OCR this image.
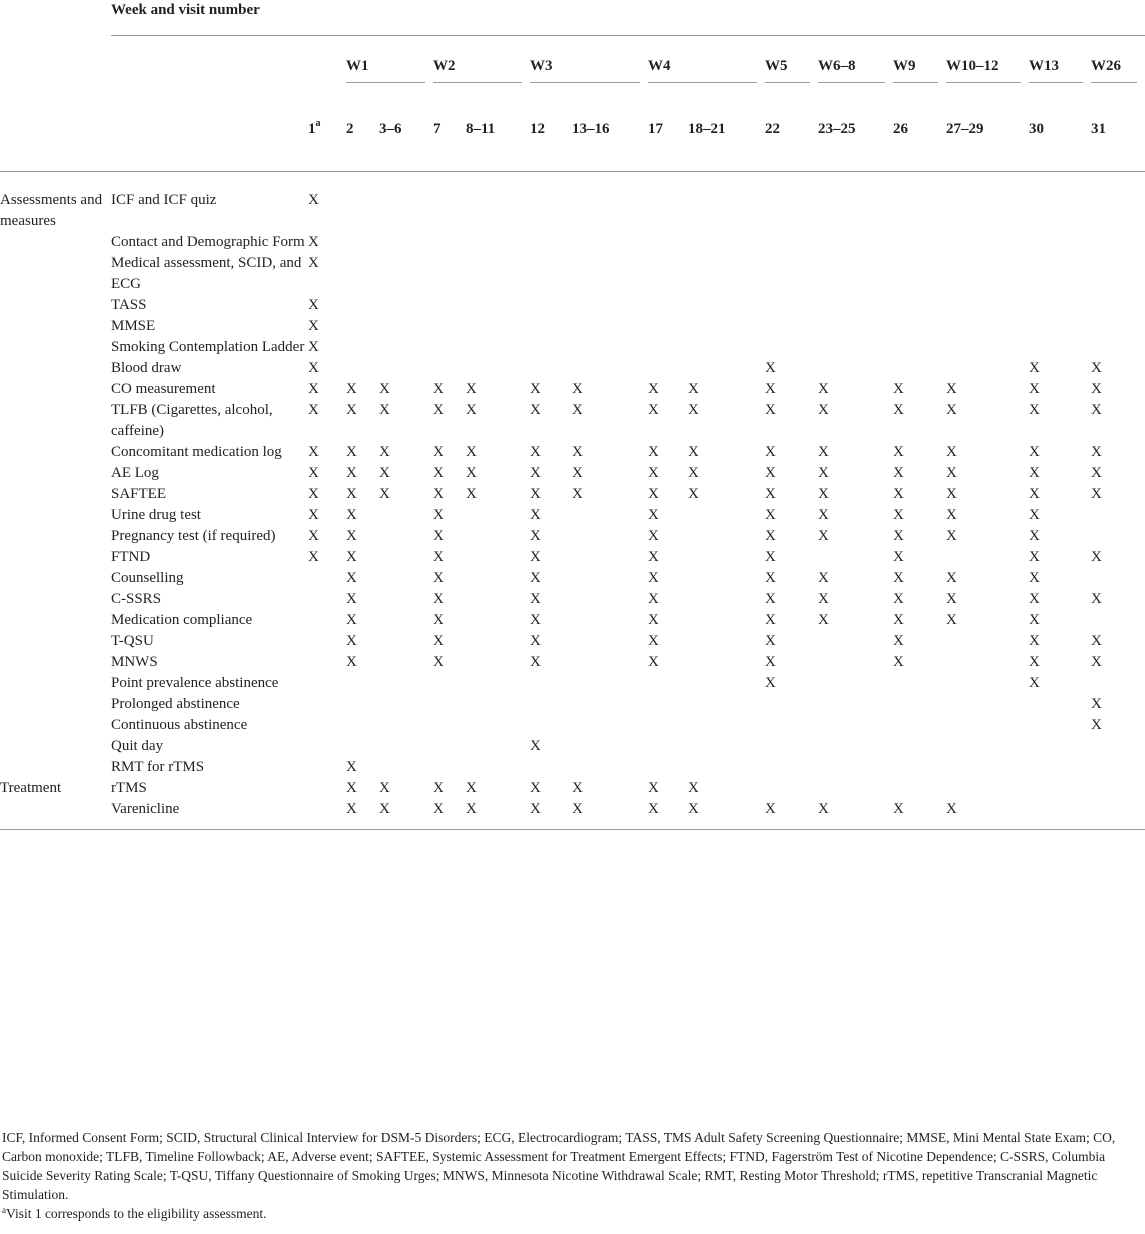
	Week and visit number															
			W1		W2		W3		W4		W5	W6–8	W9	W10–12	W13	W26
		1$^a$	2	3–6	7	8–11	12	13–16	17	18–21	22	23–25	26	27–29	30	31
Assessments and measures	ICF and ICF quiz	X														
	Contact and Demographic Form	X														
	Medical assessment, SCID, and ECG	X														
	TASS	X														
	MMSE	X														
	Smoking Contemplation Ladder	X														
	Blood draw	X									X				X	X
	CO measurement	X	X	X	X	X	X	X	X	X	X	X	X	X	X	X
	TLFB (Cigarettes, alcohol, caffeine)	X	X	X	X	X	X	X	X	X	X	X	X	X	X	X
	Concomitant medication log	X	X	X	X	X	X	X	X	X	X	X	X	X	X	X
	AE Log	X	X	X	X	X	X	X	X	X	X	X	X	X	X	X
	SAFTEE	X	X	X	X	X	X	X	X	X	X	X	X	X	X	X
	Urine drug test	X	X		X		X		X		X	X	X	X	X	
	Pregnancy test (if required)	X	X		X		X		X		X	X	X	X	X	
	FTND	X	X		X		X		X		X		X		X	X
	Counselling		X		X		X		X		X	X	X	X	X	
	C-SSRS		X		X		X		X		X	X	X	X	X	X
	Medication compliance		X		X		X		X		X	X	X	X	X	
	T-QSU		X		X		X		X		X		X		X	X
	MNWS		X		X		X		X		X		X		X	X
	Point prevalence abstinence										X				X	
	Prolonged abstinence															X
	Continuous abstinence															X
	Quit day						X									
	RMT for rTMS		X													
Treatment	rTMS		X	X	X	X	X	X	X	X						
	Varenicline		X	X	X	X	X	X	X	X	X	X	X	X		

ICF, Informed Consent Form; SCID, Structural Clinical Interview for DSM-5 Disorders; ECG, Electrocardiogram; TASS, TMS Adult Safety Screening Questionnaire; MMSE, Mini Mental State Exam; CO, Carbon monoxide; TLFB, Timeline Followback; AE, Adverse event; SAFTEE, Systemic Assessment for Treatment Emergent Effects; FTND, Fagerström Test of Nicotine Dependence; C-SSRS, Columbia Suicide Severity Rating Scale; T-QSU, Tiffany Questionnaire of Smoking Urges; MNWS, Minnesota Nicotine Withdrawal Scale; RMT, Resting Motor Threshold; rTMS, repetitive Transcranial Magnetic Stimulation.

$^a$Visit 1 corresponds to the eligibility assessment.
